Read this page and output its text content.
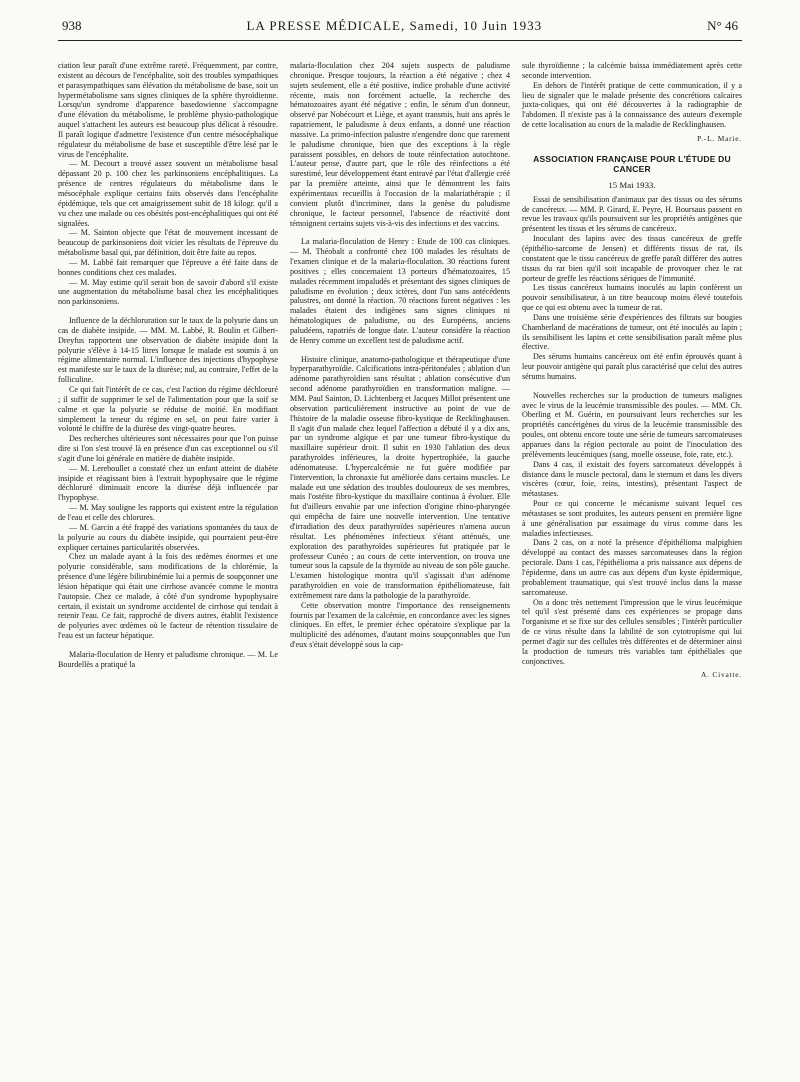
938	LA PRESSE MÉDICALE, Samedi, 10 Juin 1933	N° 46

ciation leur paraît d'une extrême rareté. Fréquemment, par contre, existent au décours de l'encéphalite, soit des troubles sympathiques et parasympathiques sans élévation du métabolisme de base, soit un hypermétabolisme sans signes cliniques de la sphère thyroïdienne. Lorsqu'un syndrome d'apparence basedowienne s'accompagne d'une élévation du métabolisme, le problème physio-pathologique auquel s'attachent les auteurs est beaucoup plus délicat à résoudre. Il paraît logique d'admettre l'existence d'un centre mésocéphalique régulateur du métabolisme de base et susceptible d'être lésé par le virus de l'encéphalite.

— M. Decourt a trouvé assez souvent un métabolisme basal dépassant 20 p. 100 chez les parkinsoniens encéphalitiques. La présence de centres régulateurs du métabolisme dans le mésocéphale explique certains faits observés dans l'encéphalite épidémique, tels que cet amaigrissement subit de 18 kilogr. qu'il a vu chez une malade ou ces obésités post-encéphalitiques qui ont été signalées.

— M. Sainton objecte que l'état de mouvement incessant de beaucoup de parkinsoniens doit vicier les résultats de l'épreuve du métabolisme basal qui, par définition, doit être faite au repos.

— M. Labbé fait remarquer que l'épreuve a été faite dans de bonnes conditions chez ces malades.

— M. May estime qu'il serait bon de savoir d'abord s'il existe une augmentation du métabolisme basal chez les encéphalitiques non parkinsoniens.

Influence de la déchloruration sur le taux de la polyurie dans un cas de diabète insipide. — MM. M. Labbé, R. Boulin et Gilbert-Dreyfus rapportent une observation de diabète insipide dont la polyurie s'élève à 14-15 litres lorsque le malade est soumis à un régime alimentaire normal. L'influence des injections d'hypophyse est manifeste sur le taux de la diurèse; nul, au contraire, l'effet de la folliculine.

Ce qui fait l'intérêt de ce cas, c'est l'action du régime déchloruré ; il suffit de supprimer le sel de l'alimentation pour que la soif se calme et que la polyurie se réduise de moitié. En modifiant simplement la teneur du régime en sel, on peut faire varier à volonté le chiffre de la diurèse des vingt-quatre heures.

Des recherches ultérieures sont nécessaires pour que l'on puisse dire si l'on s'est trouvé là en présence d'un cas exceptionnel ou s'il s'agit d'une loi générale en matière de diabète insipide.

— M. Lereboullet a constaté chez un enfant atteint de diabète insipide et réagissant bien à l'extrait hypophysaire que le régime déchloruré diminuait encore la diurèse déjà influencée par l'hypophyse.

— M. May souligne les rapports qui existent entre la régulation de l'eau et celle des chlorures.

— M. Garcin a été frappé des variations spontanées du taux de la polyurie au cours du diabète insipide, qui pourraient peut-être expliquer certaines particularités observées.

Chez un malade ayant à la fois des œdèmes énormes et une polyurie considérable, sans modifications de la chlorémie, la présence d'une légère bilirubinémie lui a permis de soupçonner une lésion hépatique qui était une cirrhose avancée comme le montra l'autopsie. Chez ce malade, à côté d'un syndrome hypophysaire certain, il existait un syndrome accidentel de cirrhose qui tendait à retenir l'eau. Ce fait, rapproché de divers autres, établit l'existence de polyuries avec œdèmes où le facteur de rétention tissulaire de l'eau est un facteur hépatique.

Malaria-floculation de Henry et paludisme chronique. — M. Le Bourdellès a pratiqué la

malaria-floculation chez 204 sujets suspects de paludisme chronique. Presque toujours, la réaction a été négative ; chez 4 sujets seulement, elle a été positive, indice probable d'une activité récente, mais non forcément actuelle, la recherche des hématozoaires ayant été négative ; enfin, le sérum d'un donneur, observé par Nobécourt et Liège, et ayant transmis, huit ans après le rapatriement, le paludisme à deux enfants, a donné une réaction massive. La primo-infection palustre n'engendre donc que rarement le paludisme chronique, bien que des exceptions à la règle paraissent possibles, en dehors de toute réinfectation autochtone. L'auteur pense, d'autre part, que le rôle des réinfections a été surestimé, leur développement étant entravé par l'état d'allergie créé par la première atteinte, ainsi que le démontrent les faits expérimentaux recueillis à l'occasion de la malariathérapie ; il convient plutôt d'incriminer, dans la genèse du paludisme chronique, le facteur personnel, l'absence de réactivité dont témoignent certains sujets vis-à-vis des infections et des vaccins.

La malaria-floculation de Henry : Etude de 100 cas cliniques. — M. Théobalt a confronté chez 100 malades les résultats de l'examen clinique et de la malaria-floculation. 30 réactions furent positives ; elles concernaient 13 porteurs d'hématozoaires, 15 malades récemment impaludés et présentant des signes cliniques de paludisme en évolution ; deux ictères, dont l'un sans antécédents palustres, ont donné la réaction. 70 réactions furent négatives : les malades étaient des indigènes sans signes cliniques ni hématologiques de paludisme, ou des Européens, anciens paludéens, rapatriés de longue date. L'auteur considère la réaction de Henry comme un excellent test de paludisme actif.

Histoire clinique, anatomo-pathologique et thérapeutique d'une hyperparathyroïdie. Calcifications intra-péritonéales ; ablation d'un adénome parathyroïdien sans résultat ; ablation consécutive d'un second adénome parathyroïdien en transformation maligne. — MM. Paul Sainton, D. Lichtenberg et Jacques Millot présentent une observation particulièrement instructive au point de vue de l'histoire de la maladie osseuse fibro-kystique de Recklinghausen. Il s'agit d'un malade chez lequel l'affection a débuté il y a dix ans, par un syndrome algique et par une tumeur fibro-kystique du maxillaire supérieur droit. Il subit en 1930 l'ablation des deux parathyroïdes inférieures, la droite hypertrophiée, la gauche adénomateuse. L'hypercalcémie ne fut guère modifiée par l'intervention, la chronaxie fut améliorée dans certains muscles. Le malade eut une sédation des troubles douloureux de ses membres, mais l'ostéite fibro-kystique du maxillaire continua à évoluer. Elle fut d'ailleurs envahie par une infection d'origine rhino-pharyngée qui empêcha de faire une nouvelle intervention. Une tentative d'irradiation des deux parathyroïdes supérieures n'amena aucun résultat. Les phénomènes infectieux s'étant atténués, une exploration des parathyroïdes supérieures fut pratiquée par le professeur Cunéo ; au cours de cette intervention, on trouva une tumeur sous la capsule de la thyroïde au niveau de son pôle gauche. L'examen histologique montra qu'il s'agissait d'un adénome parathyroïdien en voie de transformation épithéliomateuse, fait extrêmement rare dans la pathologie de la parathyroïde.

Cette observation montre l'importance des renseignements fournis par l'examen de la calcémie, en concordance avec les signes cliniques. En effet, le premier échec opératoire s'explique par la multiplicité des adénomes, d'autant moins soupçonnables que l'un d'eux s'était développé sous la cap-

sule thyroïdienne ; la calcémie baissa immédiatement après cette seconde intervention.

En dehors de l'intérêt pratique de cette communication, il y a lieu de signaler que le malade présente des concrétions calcaires juxta-coliques, qui ont été découvertes à la radiographie de l'abdomen. Il n'existe pas à la connaissance des auteurs d'exemple de cette localisation au cours de la maladie de Recklinghausen.

P.-L. Marie.

ASSOCIATION FRANÇAISE POUR L'ÉTUDE DU CANCER
15 Mai 1933.

Essai de sensibilisation d'animaux par des tissus ou des sérums de cancéreux. — MM. P. Girard, E. Peyre, H. Boursaus passent en revue les travaux qu'ils poursuivent sur les propriétés antigènes que présentent les tissus et les sérums de cancéreux.

Inoculant des lapins avec des tissus cancéreux de greffe (épithélio-sarcome de Jensen) et différents tissus de rat, ils constatent que le tissu cancéreux de greffe paraît différer des autres tissus du rat bien qu'il soit incapable de provoquer chez le rat porteur de greffe les réactions sériques de l'immunité.

Les tissus cancéreux humains inoculés au lapin confèrent un pouvoir sensibilisateur, à un titre beaucoup moins élevé toutefois que ce qui est obtenu avec la tumeur de rat.

Dans une troisième série d'expériences des filtrats sur bougies Chamberland de macérations de tumeur, ont été inoculés au lapin ; ils sensibilisent les lapins et cette sensibilisation paraît même plus élective.

Des sérums humains cancéreux ont été enfin éprouvés quant à leur pouvoir antigène qui paraît plus caractérisé que celui des autres sérums humains.

Nouvelles recherches sur la production de tumeurs malignes avec le virus de la leucémie transmissible des poules. — MM. Ch. Oberling et M. Guérin, en poursuivant leurs recherches sur les propriétés cancérigènes du virus de la leucémie transmissible des poules, ont obtenu encore toute une série de tumeurs sarcomateuses apparues dans la région pectorale au point de l'inoculation des prélèvements leucémiques (sang, moelle osseuse, foie, rate, etc.).

Dans 4 cas, il existait des foyers sarcomateux développés à distance dans le muscle pectoral, dans le sternum et dans les divers viscères (cœur, foie, reins, intestins), présentant l'aspect de métastases.

Pour ce qui concerne le mécanisme suivant lequel ces métastases se sont produites, les auteurs pensent en première ligne à une généralisation par essaimage du virus comme dans les maladies infectieuses.

Dans 2 cas, on a noté la présence d'épithélioma malpighien développé au contact des masses sarcomateuses dans la région pectorale. Dans 1 cas, l'épithélioma a pris naissance aux dépens de l'épiderme, dans un autre cas aux dépens d'un kyste épidermique, probablement traumatique, qui s'est trouvé inclus dans la masse sarcomateuse.

On a donc très nettement l'impression que le virus leucémique tel qu'il s'est présenté dans ces expériences se propage dans l'organisme et se fixe sur des cellules sensibles ; l'intérêt particulier de ce virus résulte dans la labilité de son cytotropisme qui lui permet d'agir sur des cellules très différentes et de déterminer ainsi la production de tumeurs très variables tant épithéliales que conjonctives.

A. Civatte.
